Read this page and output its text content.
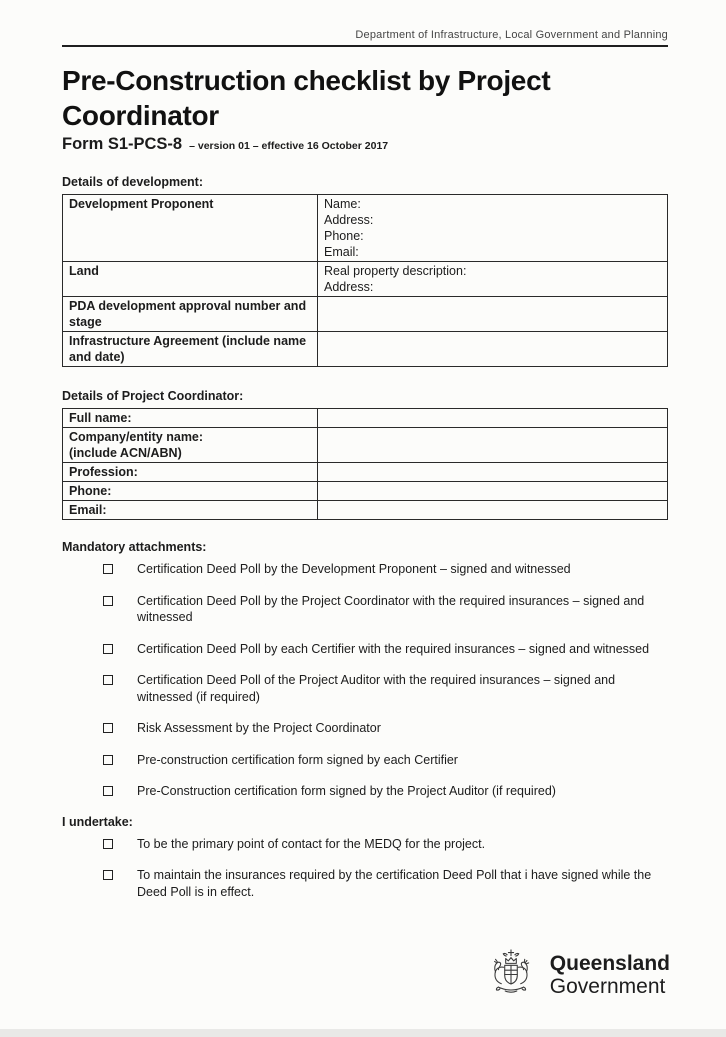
Department of Infrastructure, Local Government and Planning
Pre-Construction checklist by Project Coordinator
Form S1-PCS-8 – version 01 – effective 16 October 2017
Details of development:
Development Proponent	Name:
Address:
Phone:
Email:

Land	Real property description:
Address:

PDA development approval number and stage	
Infrastructure Agreement (include name and date)	
Details of Project Coordinator:
Full name:	

Company/entity name:
(include ACN/ABN)	

Profession:	
Phone:	
Email:	
Mandatory attachments:
Certification Deed Poll by the Development Proponent – signed and witnessed
Certification Deed Poll by the Project Coordinator with the required insurances – signed and witnessed
Certification Deed Poll by each Certifier with the required insurances – signed and witnessed
Certification Deed Poll of the Project Auditor with the required insurances – signed and witnessed (if required)
Risk Assessment by the Project Coordinator
Pre-construction certification form signed by each Certifier
Pre-Construction certification form signed by the Project Auditor (if required)
I undertake:
To be the primary point of contact for the MEDQ for the project.
To maintain the insurances required by the certification Deed Poll that i have signed while the Deed Poll is in effect.
Queensland
Government
